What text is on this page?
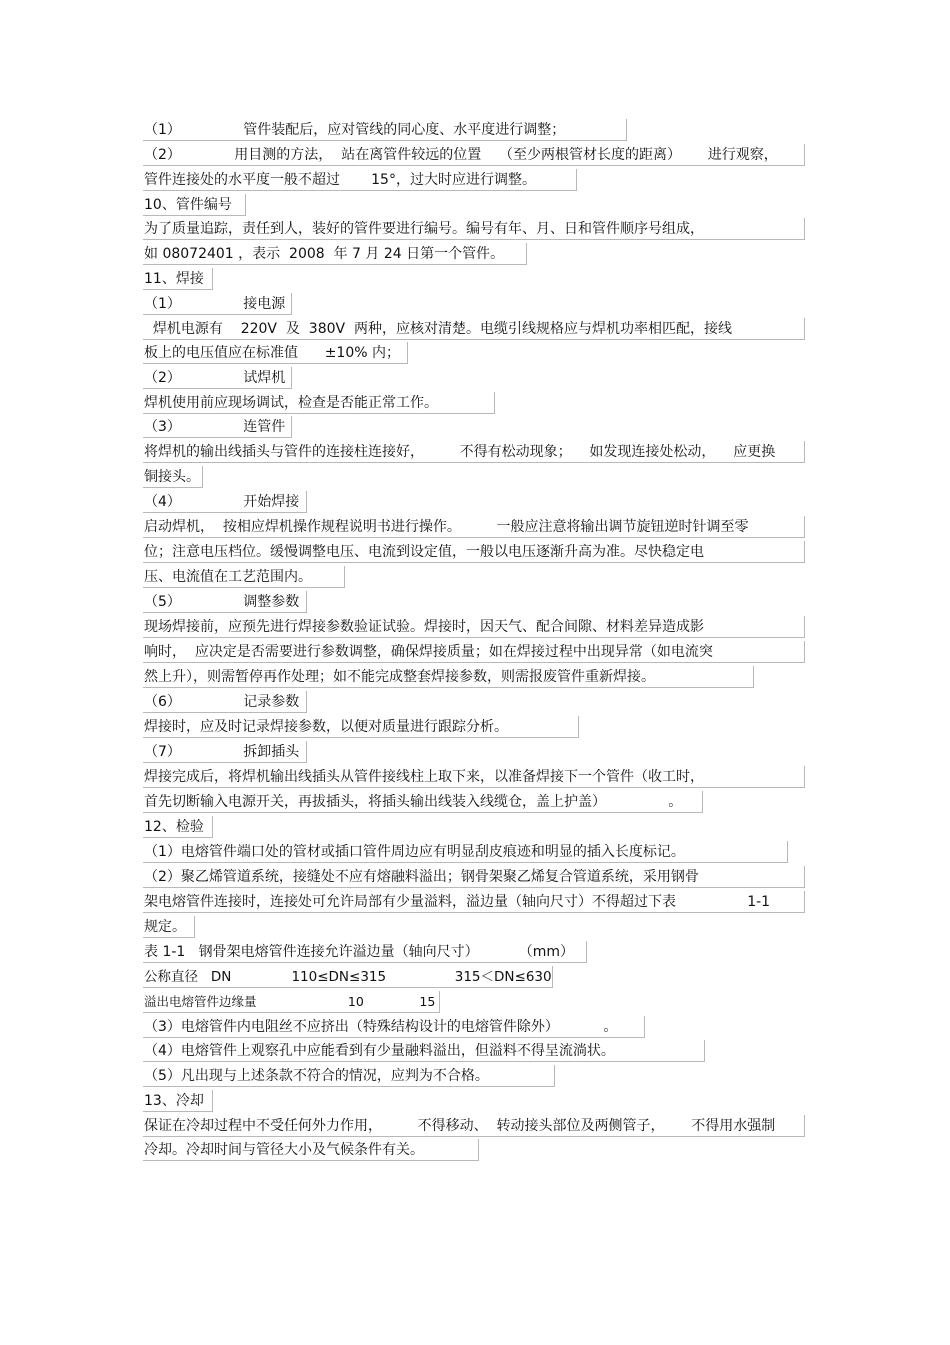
（1）              管件装配后，应对管线的同心度、水平度进行调整；
（2）            用目测的方法，  站在离管件较远的位置    （至少两根管材长度的距离）      进行观察，
管件连接处的水平度一般不超过       15°，过大时应进行调整。
10、管件编号
为了质量追踪，责任到人，装好的管件要进行编号。编号有年、月、日和管件顺序号组成，
如 08072401 ，表示  2008  年 7 月 24 日第一个管件。
11、焊接
（1）              接电源
焊机电源有    220V  及  380V  两种，应核对清楚。电缆引线规格应与焊机功率相匹配，接线
板上的电压值应在标准值      ±10% 内；
（2）              试焊机
焊机使用前应现场调试，检查是否能正常工作。
（3）              连管件
将焊机的输出线插头与管件的连接柱连接好，        不得有松动现象；    如发现连接处松动，    应更换
铜接头。
（4）              开始焊接
启动焊机，  按相应焊机操作规程说明书进行操作。        一般应注意将输出调节旋钮逆时针调至零
位；注意电压档位。缓慢调整电压、电流到设定值，一般以电压逐渐升高为准。尽快稳定电
压、电流值在工艺范围内。
（5）              调整参数
现场焊接前，应预先进行焊接参数验证试验。焊接时，因天气、配合间隙、材料差异造成影
响时，  应决定是否需要进行参数调整，确保焊接质量；如在焊接过程中出现异常（如电流突
然上升），则需暂停再作处理；如不能完成整套焊接参数，则需报废管件重新焊接。
（6）              记录参数
焊接时，应及时记录焊接参数，以便对质量进行跟踪分析。
（7）              拆卸插头
焊接完成后，将焊机输出线插头从管件接线柱上取下来，以准备焊接下一个管件（收工时，
首先切断输入电源开关，再拔插头，将插头输出线装入线缆仓，盖上护盖）              。
12、检验
（1）电熔管件端口处的管材或插口管件周边应有明显刮皮痕迹和明显的插入长度标记。
（2）聚乙烯管道系统，接缝处不应有熔融料溢出；钢骨架聚乙烯复合管道系统，采用钢骨
架电熔管件连接时，连接处可允许局部有少量溢料，溢边量（轴向尺寸）不得超过下表                1-1
规定。
表 1-1   钢骨架电熔管件连接允许溢边量（轴向尺寸）         （mm）
公称直径   DN              110≤DN≤315                315＜DN≤630
溢出电熔管件边缘量                       10              15
（3）电熔管件内电阻丝不应挤出（特殊结构设计的电熔管件除外）          。
（4）电熔管件上观察孔中应能看到有少量融料溢出，但溢料不得呈流淌状。
（5）凡出现与上述条款不符合的情况，应判为不合格。
13、冷却
保证在冷却过程中不受任何外力作用，        不得移动、  转动接头部位及两侧管子，      不得用水强制
冷却。冷却时间与管径大小及气候条件有关。
